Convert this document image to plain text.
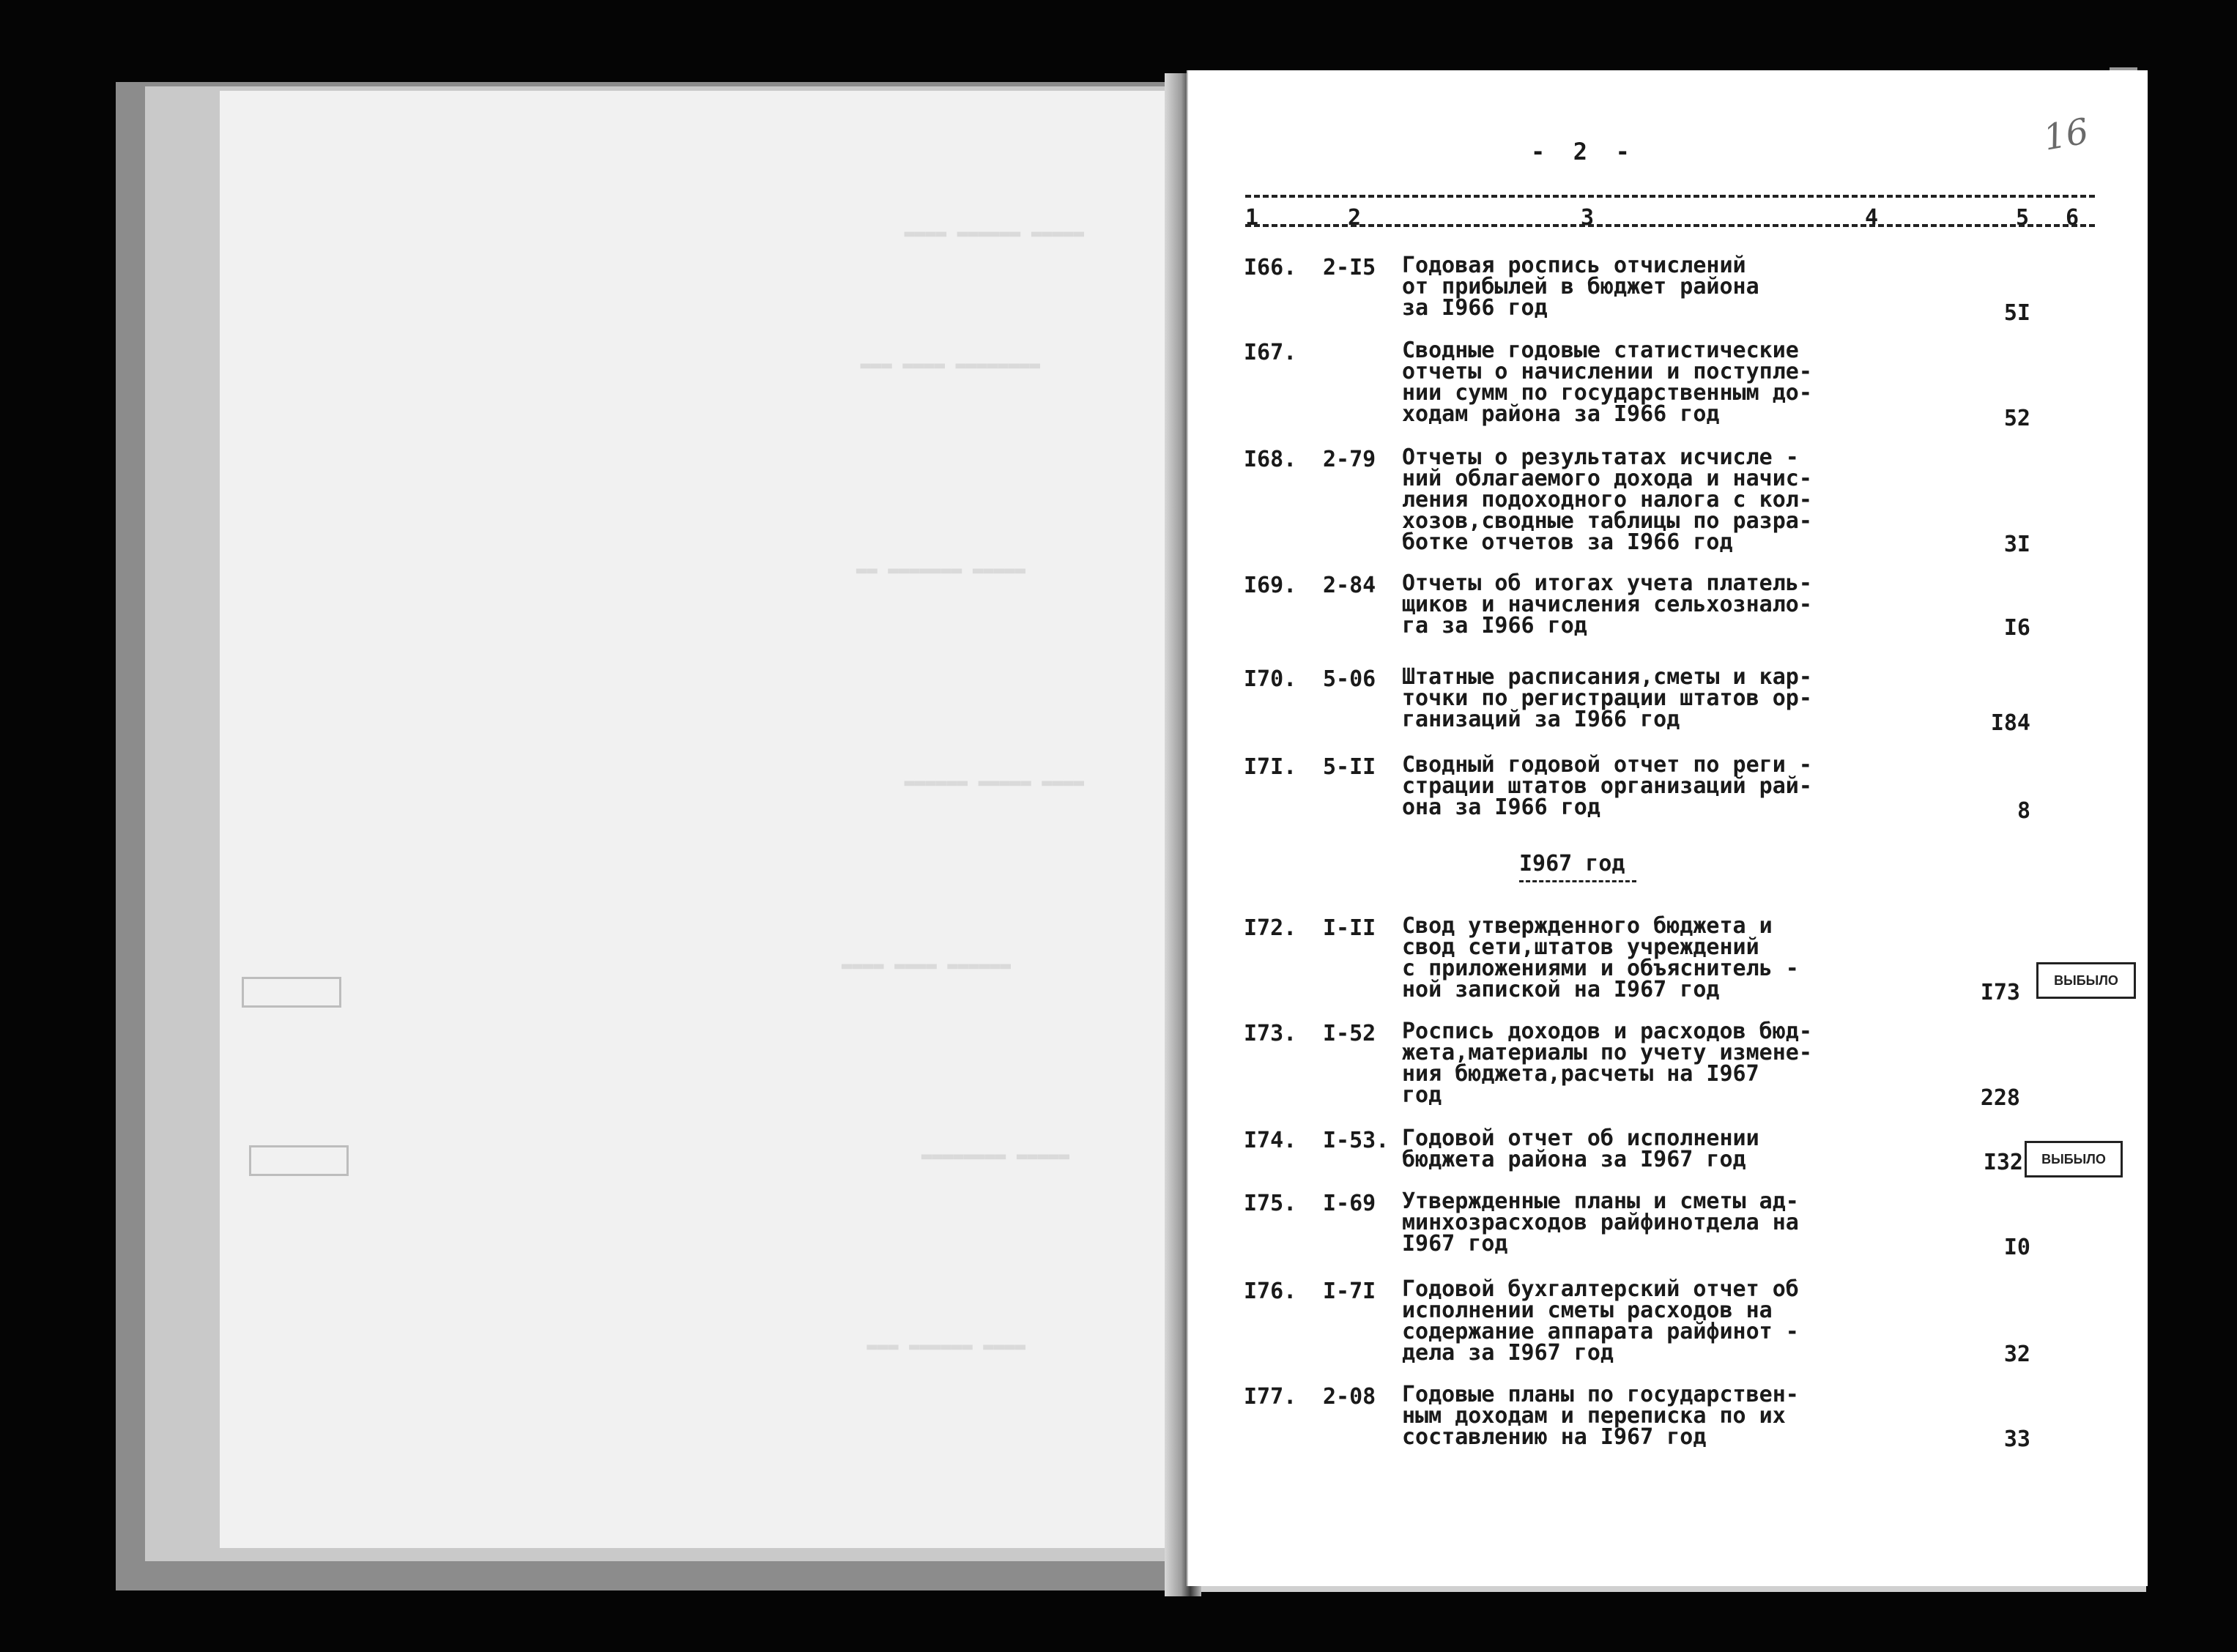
▬▬▬▬▬ ▬▬▬▬▬▬ ▬▬▬▬
▬▬▬▬▬▬▬▬ ▬▬▬▬ ▬▬▬
▬▬▬▬▬ ▬▬▬▬▬▬▬ ▬▬
▬▬▬▬ ▬▬▬▬▬ ▬▬▬▬▬▬
▬▬▬▬▬▬ ▬▬▬▬ ▬▬▬▬
▬▬▬▬▬ ▬▬▬▬▬▬▬▬
▬▬▬▬ ▬▬▬▬▬▬ ▬▬▬
-  2  -	16
1	2	3	4	5 6
I66. 2-I5 Годовая роспись отчислений
от прибылей в бюджет района
за I966 год	5I
I67.	Сводные годовые статистические
отчеты о начислении и поступле-
нии сумм по государственным до-
ходам района за I966 год	52
I68. 2-79 Отчеты о результатах исчисле -
ний облагаемого дохода и начис-
ления подоходного налога с кол-
хозов,сводные таблицы по разра-
ботке отчетов за I966 год	3I
I69. 2-84 Отчеты об итогах учета платель-
щиков и начисления сельхознало-
га за I966 год	I6
I70. 5-06 Штатные расписания,сметы и кар-
точки по регистрации штатов ор-
ганизаций за I966 год	I84
I7I. 5-II Сводный годовой отчет по реги -
страции штатов организаций рай-
она за I966 год	8
I967 год
I72. I-II Свод утвержденного бюджета и
свод сети,штатов учреждений
с приложениями и объяснитель -
ной запиской на I967 год	I73	ВЫБЫЛО
I73. I-52 Роспись доходов и расходов бюд-
жета,материалы по учету измене-
ния бюджета,расчеты на I967
год	228
I74. I-53. Годовой отчет об исполнении
бюджета района за I967 год	I32	ВЫБЫЛО
I75. I-69 Утвержденные планы и сметы ад-
минхозрасходов райфинотдела на
I967 год	I0
I76. I-7I Годовой бухгалтерский отчет об
исполнении сметы расходов на
содержание аппарата райфинот -
дела за I967 год	32
I77. 2-08 Годовые планы по государствен-
ным доходам и переписка по их
составлению на I967 год	33
